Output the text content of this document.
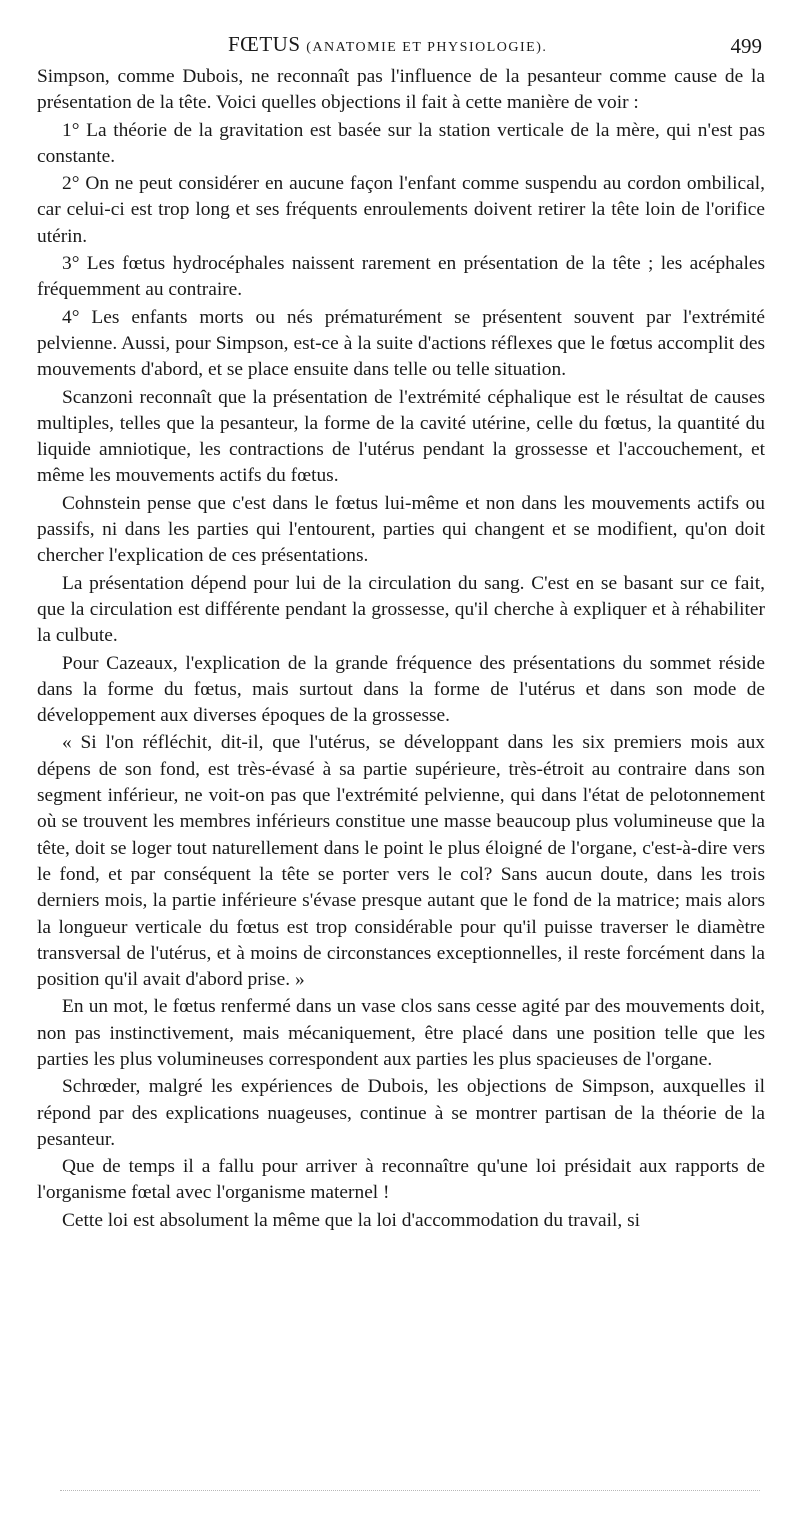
FŒTUS (ANATOMIE ET PHYSIOLOGIE).	499

Simpson, comme Dubois, ne reconnaît pas l'influence de la pesanteur comme cause de la présentation de la tête. Voici quelles objections il fait à cette manière de voir :

1° La théorie de la gravitation est basée sur la station verticale de la mère, qui n'est pas constante.

2° On ne peut considérer en aucune façon l'enfant comme suspendu au cordon ombilical, car celui-ci est trop long et ses fréquents enroulements doivent retirer la tête loin de l'orifice utérin.

3° Les fœtus hydrocéphales naissent rarement en présentation de la tête ; les acéphales fréquemment au contraire.

4° Les enfants morts ou nés prématurément se présentent souvent par l'extrémité pelvienne. Aussi, pour Simpson, est-ce à la suite d'actions réflexes que le fœtus accomplit des mouvements d'abord, et se place ensuite dans telle ou telle situation.

Scanzoni reconnaît que la présentation de l'extrémité céphalique est le résultat de causes multiples, telles que la pesanteur, la forme de la cavité utérine, celle du fœtus, la quantité du liquide amniotique, les contractions de l'utérus pendant la grossesse et l'accouchement, et même les mouvements actifs du fœtus.

Cohnstein pense que c'est dans le fœtus lui-même et non dans les mouvements actifs ou passifs, ni dans les parties qui l'entourent, parties qui changent et se modifient, qu'on doit chercher l'explication de ces présentations.

La présentation dépend pour lui de la circulation du sang. C'est en se basant sur ce fait, que la circulation est différente pendant la grossesse, qu'il cherche à expliquer et à réhabiliter la culbute.

Pour Cazeaux, l'explication de la grande fréquence des présentations du sommet réside dans la forme du fœtus, mais surtout dans la forme de l'utérus et dans son mode de développement aux diverses époques de la grossesse.

« Si l'on réfléchit, dit-il, que l'utérus, se développant dans les six premiers mois aux dépens de son fond, est très-évasé à sa partie supérieure, très-étroit au contraire dans son segment inférieur, ne voit-on pas que l'extrémité pelvienne, qui dans l'état de pelotonnement où se trouvent les membres inférieurs constitue une masse beaucoup plus volumineuse que la tête, doit se loger tout naturellement dans le point le plus éloigné de l'organe, c'est-à-dire vers le fond, et par conséquent la tête se porter vers le col? Sans aucun doute, dans les trois derniers mois, la partie inférieure s'évase presque autant que le fond de la matrice; mais alors la longueur verticale du fœtus est trop considérable pour qu'il puisse traverser le diamètre transversal de l'utérus, et à moins de circonstances exceptionnelles, il reste forcément dans la position qu'il avait d'abord prise. »

En un mot, le fœtus renfermé dans un vase clos sans cesse agité par des mouvements doit, non pas instinctivement, mais mécaniquement, être placé dans une position telle que les parties les plus volumineuses correspondent aux parties les plus spacieuses de l'organe.

Schrœder, malgré les expériences de Dubois, les objections de Simpson, auxquelles il répond par des explications nuageuses, continue à se montrer partisan de la théorie de la pesanteur.

Que de temps il a fallu pour arriver à reconnaître qu'une loi présidait aux rapports de l'organisme fœtal avec l'organisme maternel !

Cette loi est absolument la même que la loi d'accommodation du travail, si
